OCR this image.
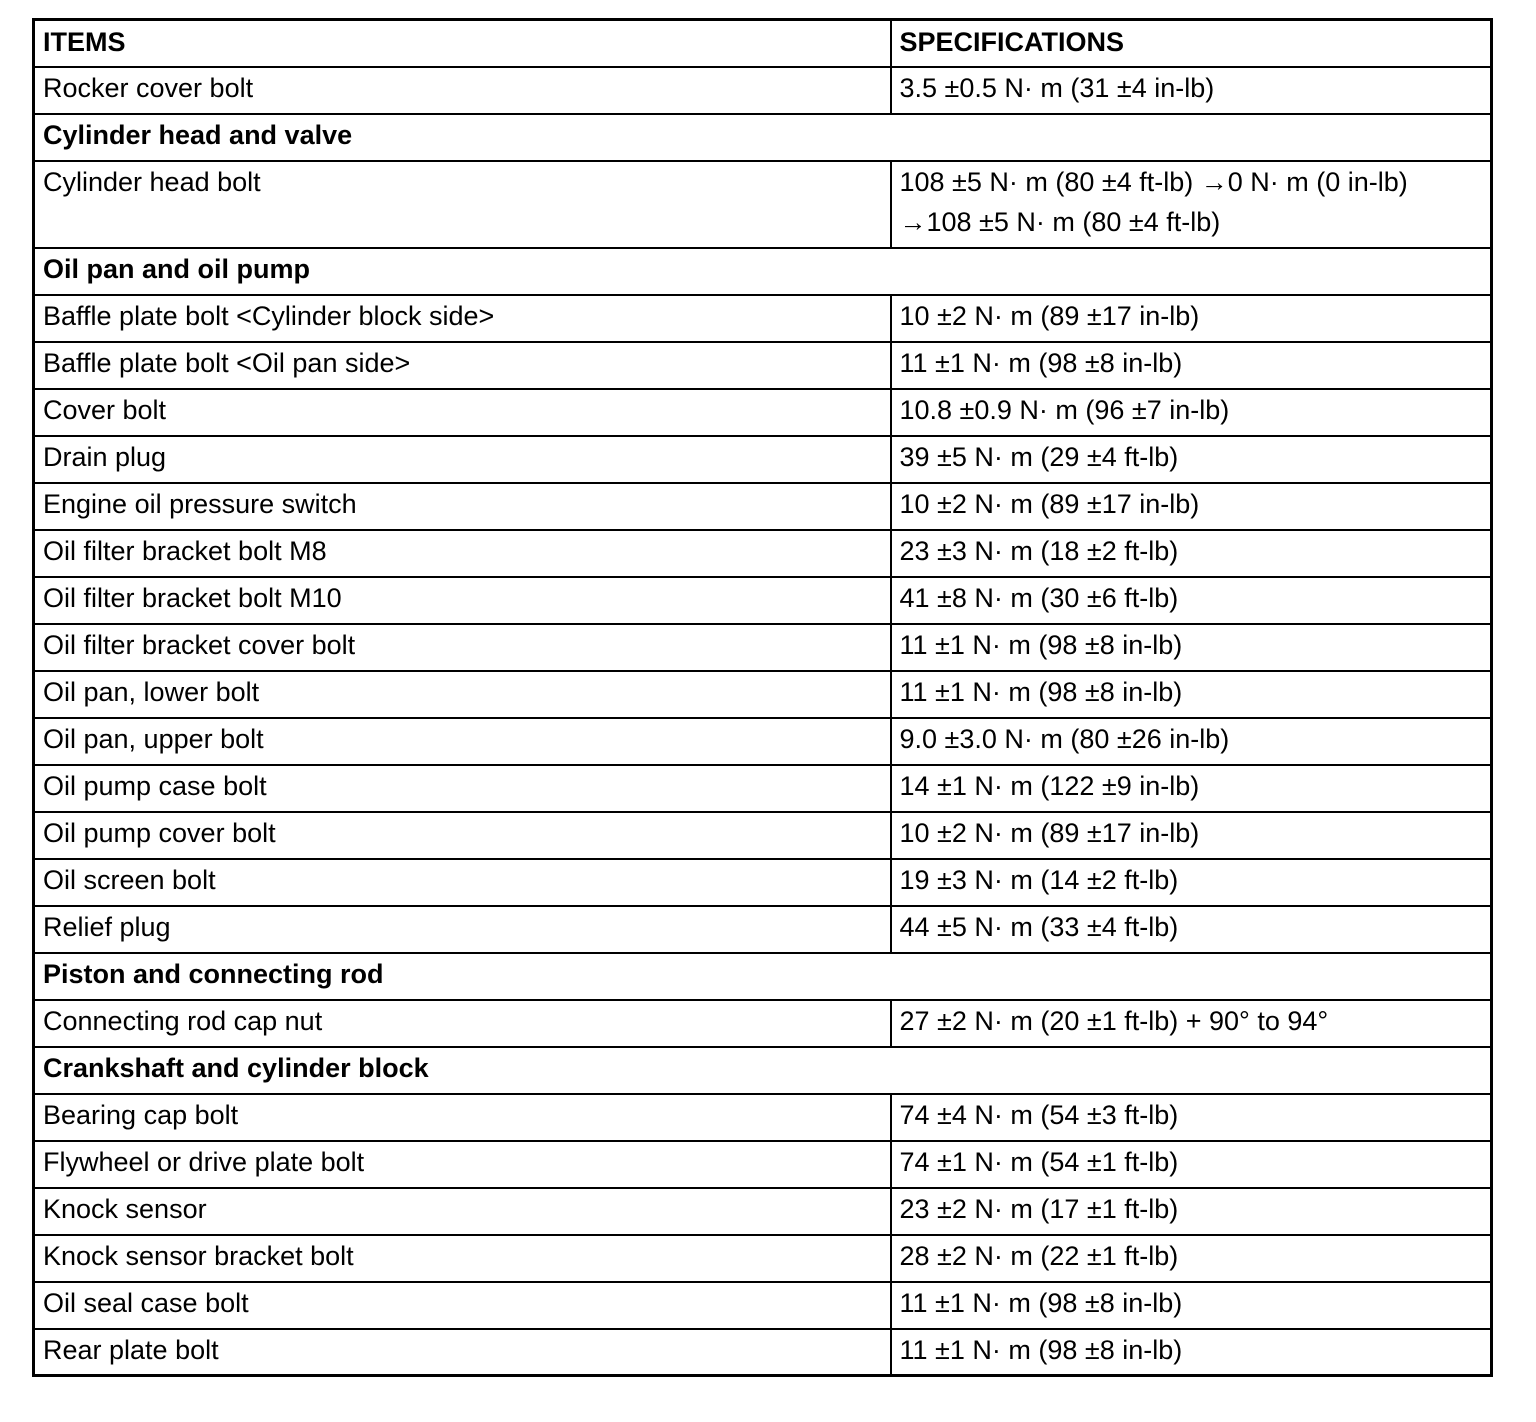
ITEMS	SPECIFICATIONS
Rocker cover bolt	3.5 ±0.5 N· m (31 ±4 in-lb)
Cylinder head and valve	
Cylinder head bolt	108 ±5 N· m (80 ±4 ft-lb) →0 N· m (0 in-lb)
→108 ±5 N· m (80 ±4 ft-lb)

Oil pan and oil pump	
Baffle plate bolt <Cylinder block side>	10 ±2 N· m (89 ±17 in-lb)
Baffle plate bolt <Oil pan side>	11 ±1 N· m (98 ±8 in-lb)
Cover bolt	10.8 ±0.9 N· m (96 ±7 in-lb)
Drain plug	39 ±5 N· m (29 ±4 ft-lb)
Engine oil pressure switch	10 ±2 N· m (89 ±17 in-lb)
Oil filter bracket bolt M8	23 ±3 N· m (18 ±2 ft-lb)
Oil filter bracket bolt M10	41 ±8 N· m (30 ±6 ft-lb)
Oil filter bracket cover bolt	11 ±1 N· m (98 ±8 in-lb)
Oil pan, lower bolt	11 ±1 N· m (98 ±8 in-lb)
Oil pan, upper bolt	9.0 ±3.0 N· m (80 ±26 in-lb)
Oil pump case bolt	14 ±1 N· m (122 ±9 in-lb)
Oil pump cover bolt	10 ±2 N· m (89 ±17 in-lb)
Oil screen bolt	19 ±3 N· m (14 ±2 ft-lb)
Relief plug	44 ±5 N· m (33 ±4 ft-lb)
Piston and connecting rod	
Connecting rod cap nut	27 ±2 N· m (20 ±1 ft-lb) + 90° to 94°
Crankshaft and cylinder block	
Bearing cap bolt	74 ±4 N· m (54 ±3 ft-lb)
Flywheel or drive plate bolt	74 ±1 N· m (54 ±1 ft-lb)
Knock sensor	23 ±2 N· m (17 ±1 ft-lb)
Knock sensor bracket bolt	28 ±2 N· m (22 ±1 ft-lb)
Oil seal case bolt	11 ±1 N· m (98 ±8 in-lb)
Rear plate bolt	11 ±1 N· m (98 ±8 in-lb)
